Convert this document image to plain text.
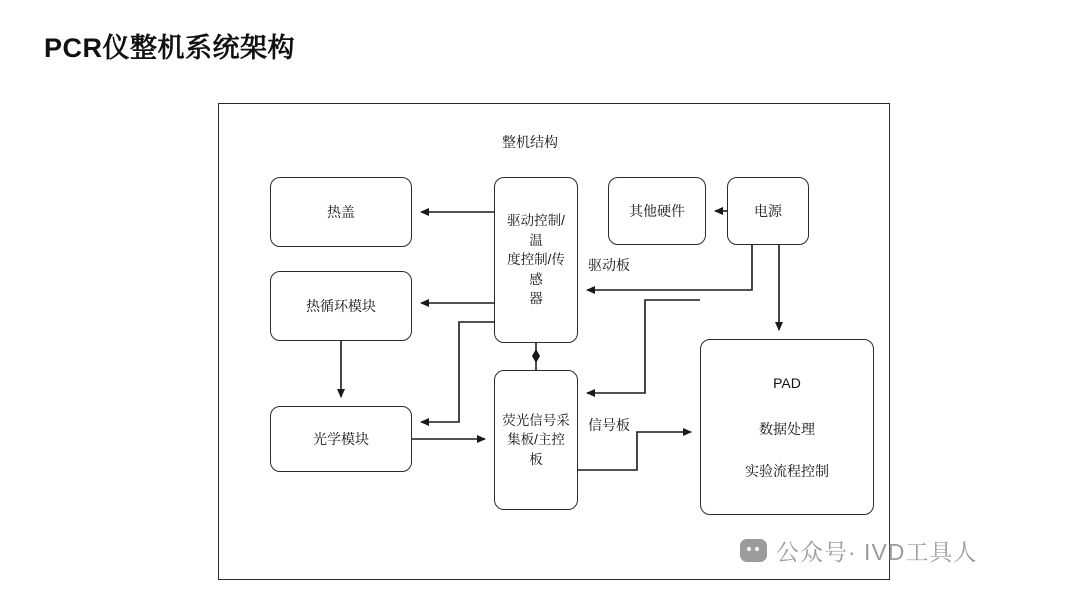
PCR仪整机系统架构
整机结构
驱动板
信号板
热盖
热循环模块
光学模块
驱动控制/温
度控制/传感
器
荧光信号采
集板/主控板
其他硬件	电源
PAD
数据处理
实验流程控制
公众号· IVD工具人
